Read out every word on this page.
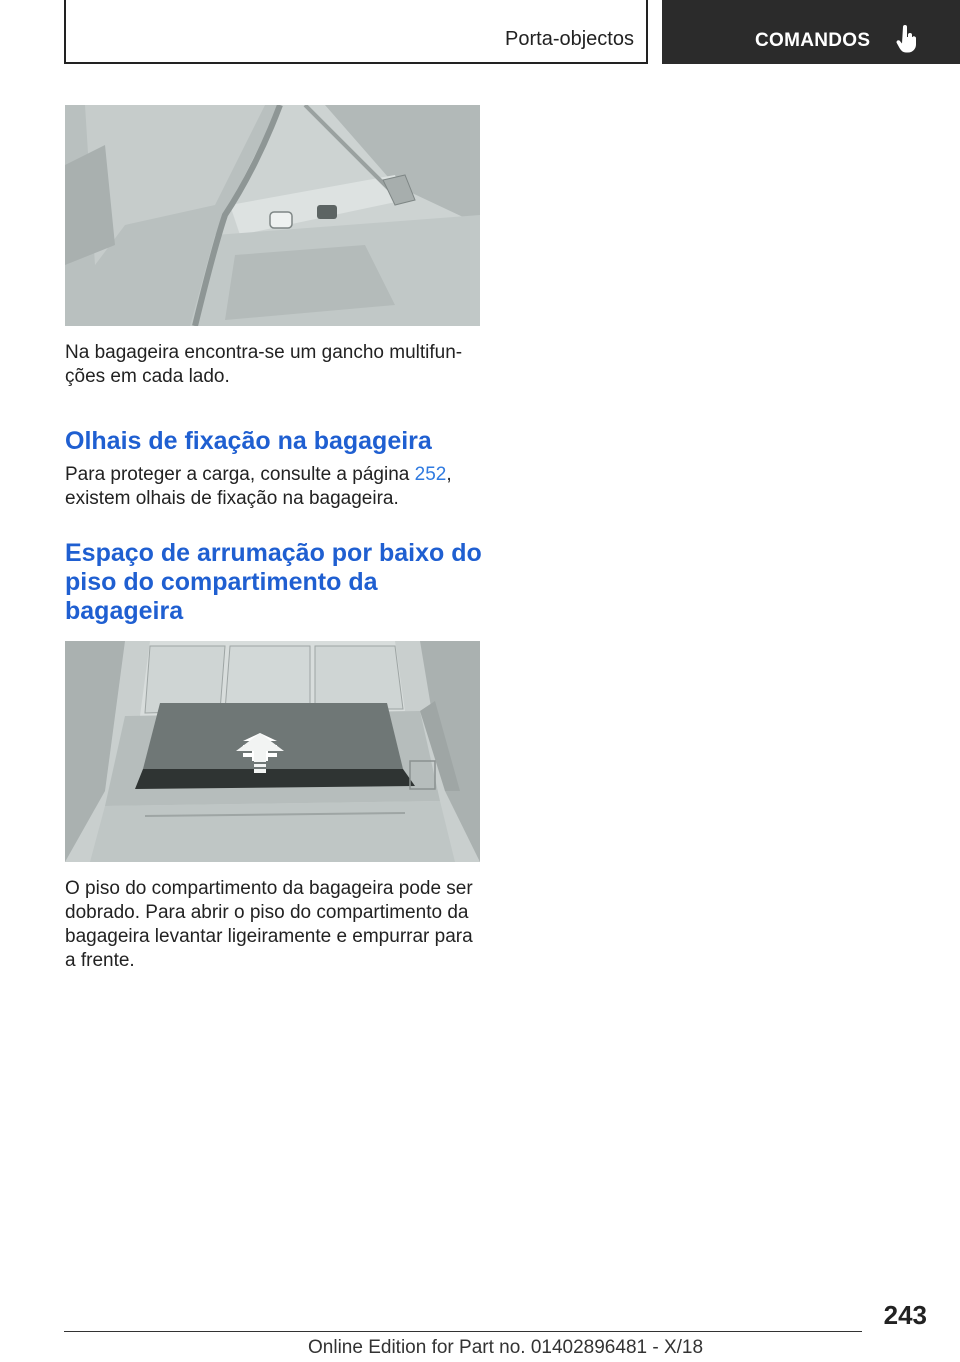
Porta-objectos	COMANDOS

Na bagageira encontra-se um gancho multifunções em cada lado.

Olhais de fixação na bagageira

Para proteger a carga, consulte a página 252, existem olhais de fixação na bagageira.

Espaço de arrumação por baixo do piso do compartimento da bagageira

O piso do compartimento da bagageira pode ser dobrado. Para abrir o piso do compartimento da bagageira levantar ligeiramente e empurrar para a frente.

243
Online Edition for Part no. 01402896481 - X/18
